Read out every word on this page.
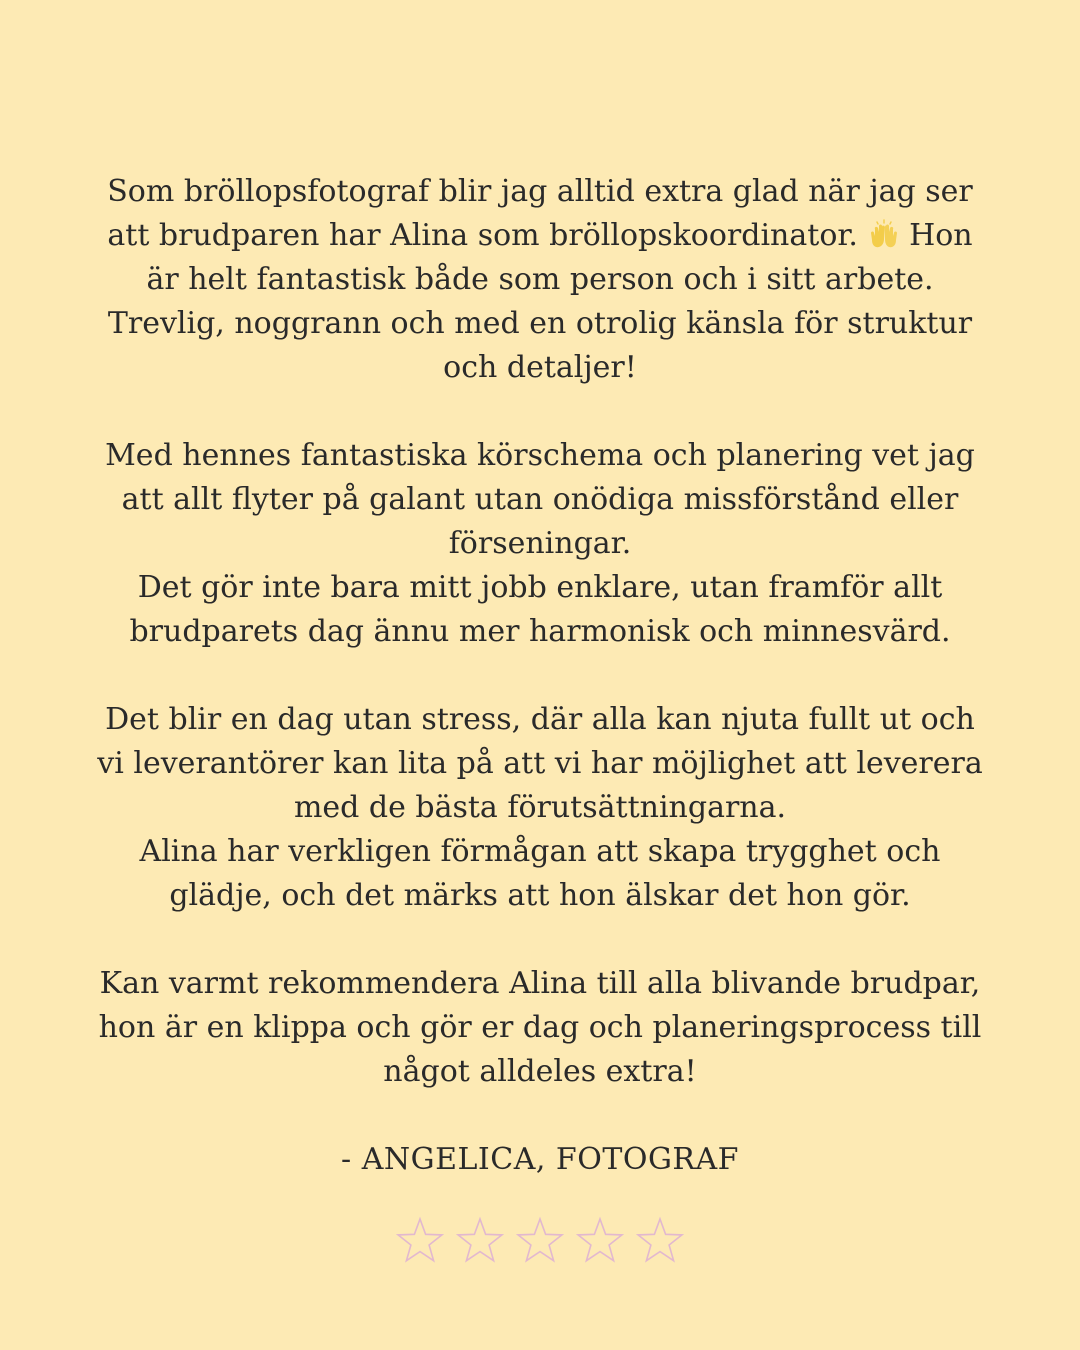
Som bröllopsfotograf blir jag alltid extra glad när jag ser
att brudparen har Alina som bröllopskoordinator. Hon
är helt fantastisk både som person och i sitt arbete.
Trevlig, noggrann och med en otrolig känsla för struktur
och detaljer!

Med hennes fantastiska körschema och planering vet jag
att allt flyter på galant utan onödiga missförstånd eller
förseningar.
Det gör inte bara mitt jobb enklare, utan framför allt
brudparets dag ännu mer harmonisk och minnesvärd.

Det blir en dag utan stress, där alla kan njuta fullt ut och
vi leverantörer kan lita på att vi har möjlighet att leverera
med de bästa förutsättningarna.
Alina har verkligen förmågan att skapa trygghet och
glädje, och det märks att hon älskar det hon gör.

Kan varmt rekommendera Alina till alla blivande brudpar,
hon är en klippa och gör er dag och planeringsprocess till
något alldeles extra!

- ANGELICA, FOTOGRAF
